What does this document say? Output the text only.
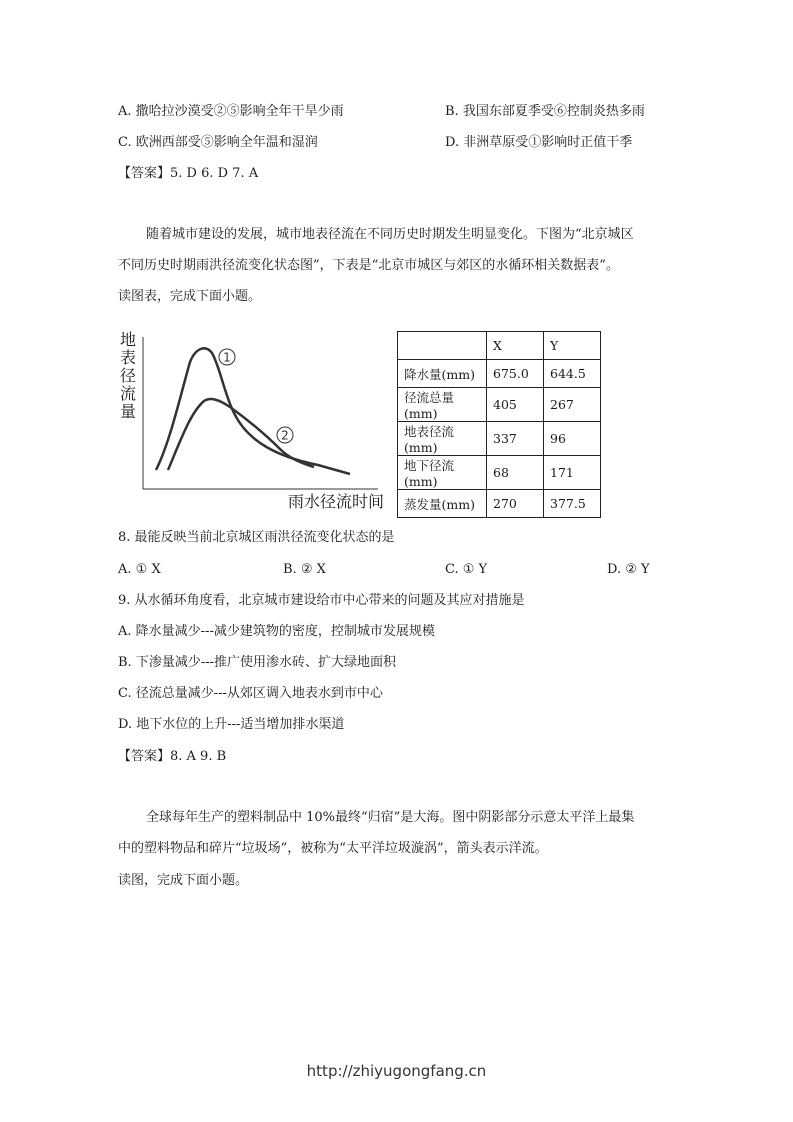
A. 撒哈拉沙漠受②⑤影响全年干旱少雨	B. 我国东部夏季受⑥控制炎热多雨
C. 欧洲西部受⑤影响全年温和湿润	D. 非洲草原受①影响时正值干季
【答案】5. D 6. D 7. A
随着城市建设的发展，城市地表径流在不同历史时期发生明显变化。下图为“北京城区
不同历史时期雨洪径流变化状态图”，下表是“北京市城区与郊区的水循环相关数据表”。
读图表，完成下面小题。
1
2
地
表
径
流
量
雨水径流时间
	X	Y
降水量(mm)	675.0	644.5
径流总量(mm)	405	267
地表径流(mm)	337	96
地下径流(mm)	68	171
蒸发量(mm)	270	377.5
8. 最能反映当前北京城区雨洪径流变化状态的是
A. ① X	B. ② X	C. ① Y	D. ② Y
9. 从水循环角度看，北京城市建设给市中心带来的问题及其应对措施是
A. 降水量减少---减少建筑物的密度，控制城市发展规模
B. 下渗量减少---推广使用渗水砖、扩大绿地面积
C. 径流总量减少---从郊区调入地表水到市中心
D. 地下水位的上升---适当增加排水渠道
【答案】8. A 9. B
全球每年生产的塑料制品中 10%最终“归宿”是大海。图中阴影部分示意太平洋上最集
中的塑料物品和碎片“垃圾场”，被称为“太平洋垃圾漩涡”，箭头表示洋流。
读图，完成下面小题。
http://zhiyugongfang.cn
